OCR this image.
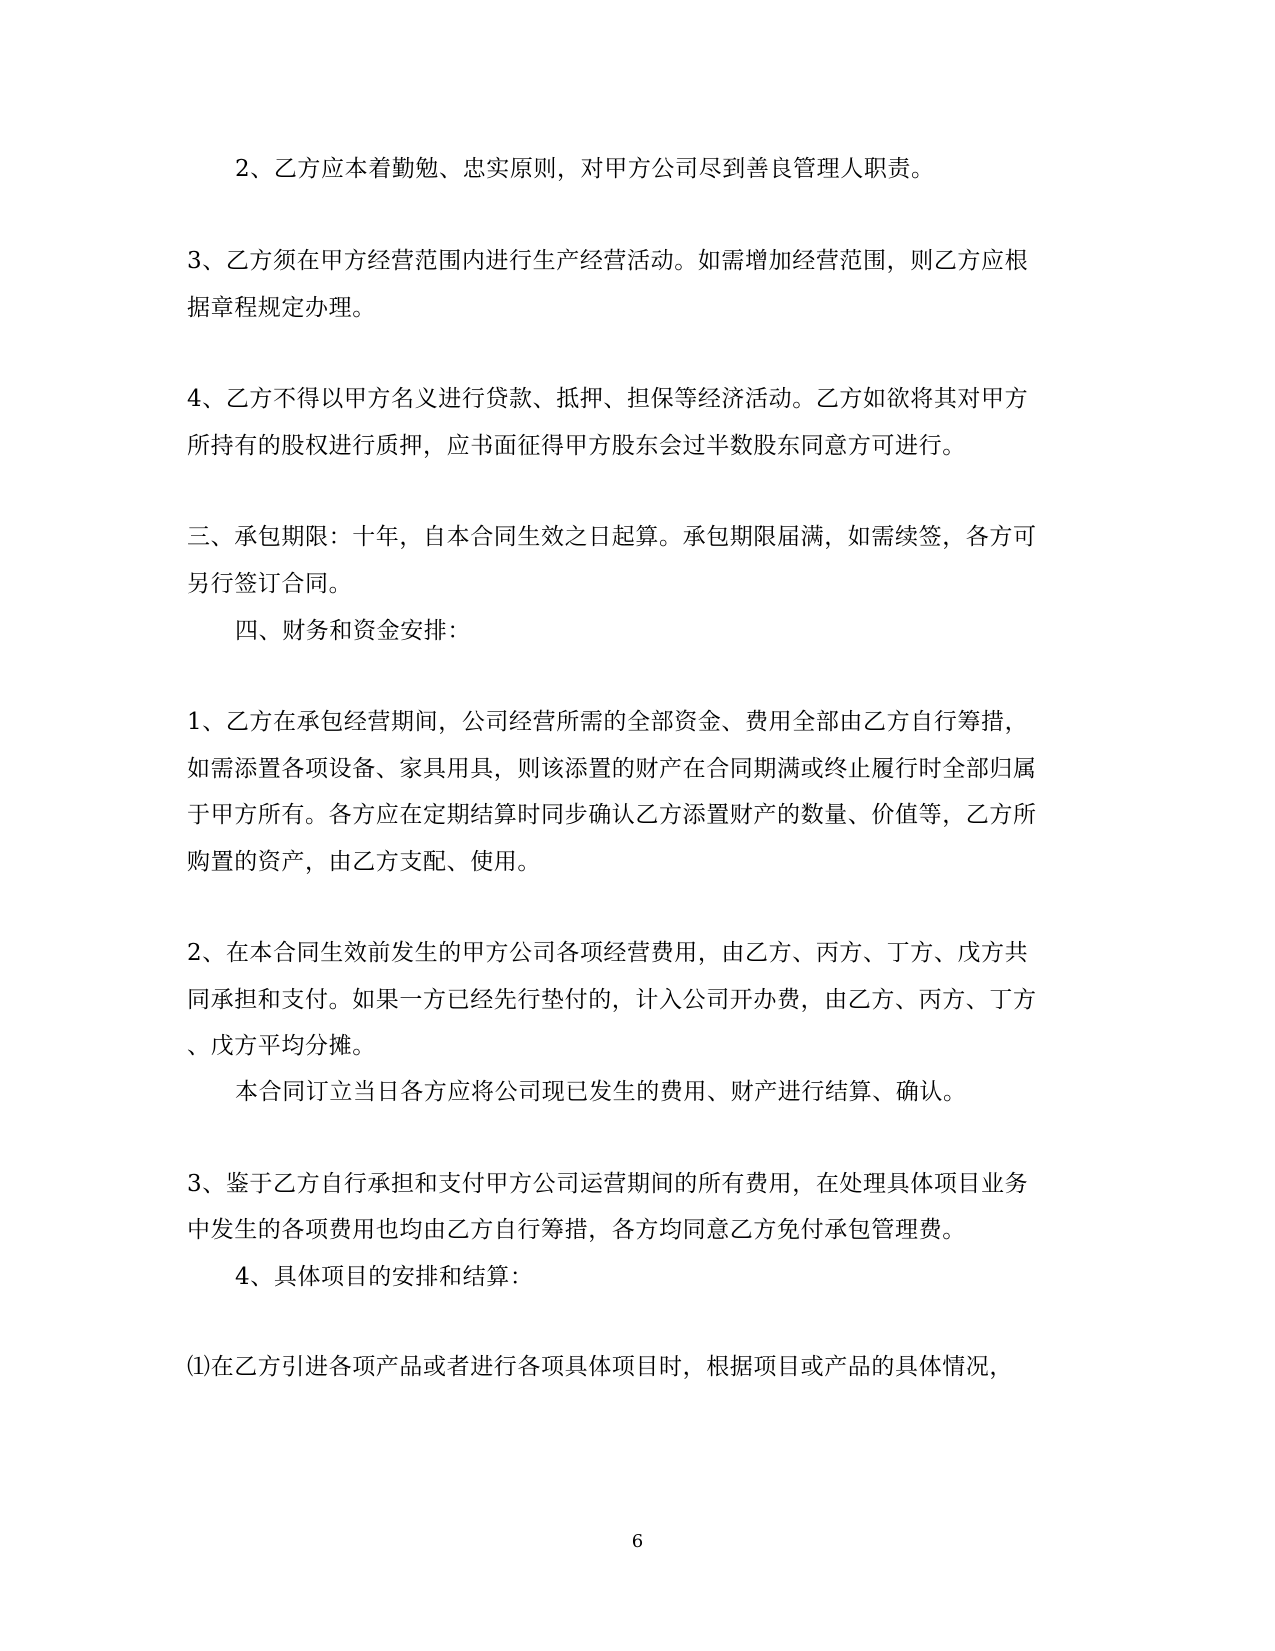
2、乙方应本着勤勉、忠实原则，对甲方公司尽到善良管理人职责。
3、乙方须在甲方经营范围内进行生产经营活动。如需增加经营范围，则乙方应根
据章程规定办理。
4、乙方不得以甲方名义进行贷款、抵押、担保等经济活动。乙方如欲将其对甲方
所持有的股权进行质押，应书面征得甲方股东会过半数股东同意方可进行。
三、承包期限：十年，自本合同生效之日起算。承包期限届满，如需续签，各方可
另行签订合同。
四、财务和资金安排：
1、乙方在承包经营期间，公司经营所需的全部资金、费用全部由乙方自行筹措，
如需添置各项设备、家具用具，则该添置的财产在合同期满或终止履行时全部归属
于甲方所有。各方应在定期结算时同步确认乙方添置财产的数量、价值等，乙方所
购置的资产，由乙方支配、使用。
2、在本合同生效前发生的甲方公司各项经营费用，由乙方、丙方、丁方、戊方共
同承担和支付。如果一方已经先行垫付的，计入公司开办费，由乙方、丙方、丁方
、戊方平均分摊。
本合同订立当日各方应将公司现已发生的费用、财产进行结算、确认。
3、鉴于乙方自行承担和支付甲方公司运营期间的所有费用，在处理具体项目业务
中发生的各项费用也均由乙方自行筹措，各方均同意乙方免付承包管理费。
4、具体项目的安排和结算：
⑴在乙方引进各项产品或者进行各项具体项目时，根据项目或产品的具体情况，
6
